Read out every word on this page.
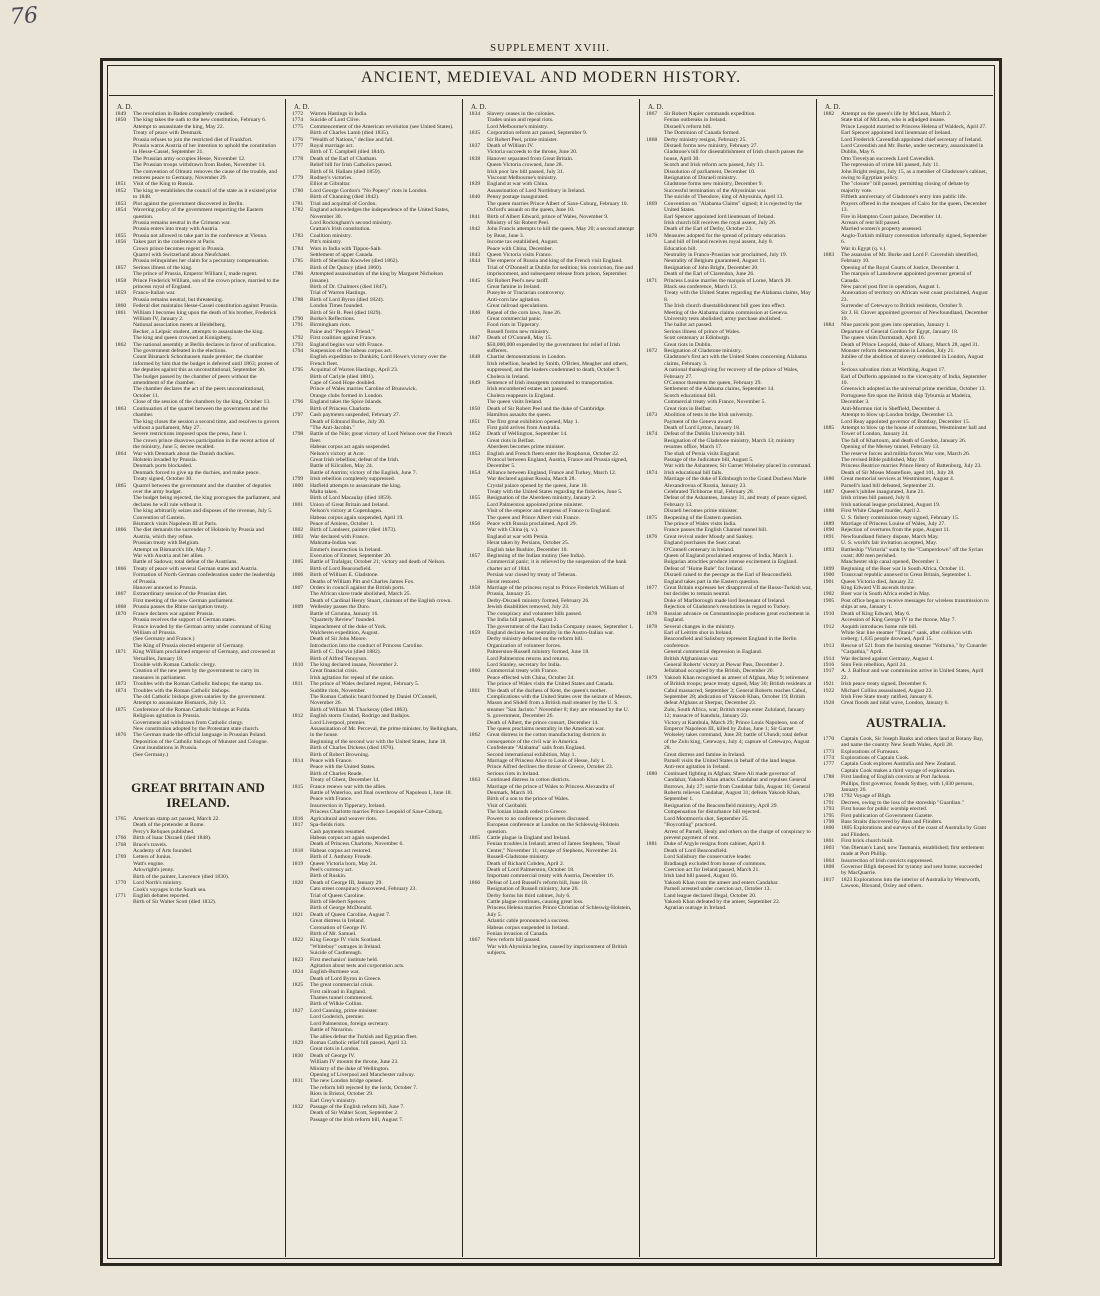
76
SUPPLEMENT XVIII.
ANCIENT, MEDIEVAL AND MODERN HISTORY.
A. D.
1849	The revolution in Baden completely crushed.
1850	The king takes the oath to the new constitution, February 6.
Attempt to assassinate the king, May 22.
Treaty of peace with Denmark.
Prussia refuses to join the restricted diet of Frankfort.
Prussia warns Austria of her intention to uphold the constitution in Hesse-Cassel, September 21.
The Prussian army occupies Hesse, November 12.
The Prussian troops withdrawn from Baden, November 14.
The convention of Olmutz removes the cause of the trouble, and restores peace to Germany, November 29.
1851	Visit of the King to Russia.
1852	The king re-establishes the council of the state as it existed prior to 1848.
1853	Plot against the government discovered in Berlin.
1854	Wavering policy of the government respecting the Eastern question.
Prussia remains neutral in the Crimean war.
Prussia enters into treaty with Austria.
1855	Prussia not allowed to take part in the conference at Vienna.
1856	Takes part in the conference at Paris.
Crown prince becomes regent in Prussia.
Quarrel with Switzerland about Neufchatel.
Prussia relinquishes her claim for a pecuniary compensation.
1857	Serious illness of the king.
The prince of Prussia, Emperor William I, made regent.
1858	Prince Frederick William, son of the crown prince, married to the princess royal of England.
1859	Franco-Italian war.
Prussia remains neutral, but threatening.
1860	Federal diet maintains Hesse-Cassel constitution against Prussia.
1861	William I becomes king upon the death of his brother, Frederick William IV, January 2.
National association meets at Heidelberg.
Becker, a Leipsic student, attempts to assassinate the king.
The king and queen crowned at Konigsberg.
1862	The national assembly at Berlin declares in favor of unification.
The government defeated in the elections.
Count Bismarck Schonhausen made premier; the chamber informed by him that the budget is deferred until 1863; protest of the deputies against this as unconstitutional, September 30.
The budget passed by the chamber of peers without the amendment of the chamber.
The chamber declares the act of the peers unconstitutional, October 11.
Close of the session of the chambers by the king, October 13.
1863	Continuation of the quarrel between the government and the chamber.
The king closes the session a second time, and resolves to govern without a parliament, May 27.
Severe restrictions imposed upon the press, June 1.
The crown prince disavows participation in the recent action of the ministry, June 5; decree recalled.
1864	War with Denmark about the Danish duchies.
Holstein invaded by Prussia.
Denmark ports blockaded.
Denmark forced to give up the duchies, and make peace.
Treaty signed, October 30.
1865	Quarrel between the government and the chamber of deputies over the army budget.
The budget being rejected, the king prorogues the parliament, and declares he will rule without it.
The king arbitrarily seizes and disposes of the revenue, July 5.
Convention of Gastein.
Bismarck visits Napoleon III at Paris.
1866	The diet demands the surrender of Holstein by Prussia and Austria, which they refuse.
Prussian treaty with Belgium.
Attempt on Bismarck's life, May 7.
War with Austria and her allies.
Battle of Sadowa; total defeat of the Austrians.
1866	Treaty of peace with several German states and Austria.
Formation of North German confederation under the leadership of Prussia.
Hanover annexed to Prussia.
1867	Extraordinary session of the Prussian diet.
First meeting of the new German parliament.
1868	Prussia passes the Rhine navigation treaty.
1870	France declares war against Prussia.
Prussia receives the support of German states.
France invaded by the German army under command of King William of Prussia.
(See Germany and France.)
The King of Prussia elected emperor of Germany.
1871	King William proclaimed emperor of Germany, and crowned at Versailles, January 18.
Trouble with Roman Catholic clergy.
Creation of the new peers by the government to carry its measures in parliament.
1873	Troubles with the Roman Catholic bishops; the stamp tax.
1874	Troubles with the Roman Catholic bishops.
The old Catholic bishops given salaries by the government.
Attempt to assassinate Bismarck, July 13.
1875	Conference of the Roman Catholic bishops at Fulda.
Religious agitation in Prussia.
Government aid withdrawn from Catholic clergy.
New constitution adopted by the Protestant state church.
1876	The German made the official language in Prussian Poland.
Deposition of the Catholic bishops of Munster and Cologne.
Great inundations in Prussia.
(See Germany.)
GREAT BRITAIN AND IRELAND.
1765	American stamp act passed, March 22.
Death of the pretender at Rome.
Percy's Reliques published.
1766	Birth of Isaac Disraeli (died 1848).
1768	Bruce's travels.
Academy of Arts founded.
1769	Letters of Junius.
Watt's engine.
Arkwright's jenny.
Birth of the painter, Lawrence (died 1830).
1770	Lord North's ministry.
Cook's voyages in the South sea.
1771	English debates reported.
Birth of Sir Walter Scott (died 1832).
A. D.
1772	Warren Hastings in India.
1774	Suicide of Lord Clive.
1775	Commencement of the American revolution (see United States).
Birth of Charles Lamb (died 1835).
1776	"Wealth of Nations," decline and fall.
1777	Royal marriage act.
Birth of T. Campbell (died 1844).
1778	Death of the Earl of Chatham.
Relief bill for Irish Catholics passed.
Birth of H. Hallam (died 1859).
1779	Rodney's victories.
Elliot at Gibraltar.
1780	Lord George Gordon's "No Popery" riots in London.
Birth of Channing (died 1842).
1781	Trial and acquittal of Gordon.
1782	England acknowledges the independence of the United States, November 30.
Lord Rockingham's second ministry.
Grattan's Irish constitution.
1783	Coalition ministry.
Pitt's ministry.
1784	Wars in India with Tippoo-Saib.
Settlement of upper Canada.
1785	Birth of Sheridan Knowles (died 1862).
Birth of De Quincy (died 1860).
1786	Attempted assassination of the king by Margaret Nicholson (insane).
Birth of Dr. Chalmers (died 1847).
Trial of Warren Hastings.
1788	Birth of Lord Byron (died 1824).
London Times founded.
Birth of Sir R. Peel (died 1829).
1790	Burke's Reflections.
1791	Birmingham riots.
Paine and "People's Friend."
1792	First coalition against France.
1793	England begins war with France.
1794	Suspension of the habeas corpus act.
English expedition to Dunkirk; Lord Howe's victory over the French fleet.
1795	Acquittal of Warren Hastings, April 23.
Birth of Carlyle (died 1881).
Cape of Good Hope doubled.
Prince of Wales marries Caroline of Brunswick.
Orange clubs formed in London.
1796	England takes the Spice Islands.
Birth of Princess Charlotte.
1797	Cash payments suspended, February 27.
Death of Edmund Burke, July 20.
"The Anti-Jacobin."
1798	Battle of the Nile; great victory of Lord Nelson over the French fleet.
Habeas corpus act again suspended.
Nelson's victory at Acre.
Great Irish rebellion; defeat of the Irish.
Battle of Kilcullen, May 24.
Battle of Antrim; victory of the English, June 7.
1799	Irish rebellion completely suppressed.
1800	Hatfield attempts to assassinate the king.
Malta taken.
Birth of Lord Macaulay (died 1859).
1801	Union of Great Britain and Ireland.
Nelson's victory at Copenhagen.
Habeas corpus again suspended, April 19.
Peace of Amiens, October 1.
1802	Birth of Landseer, painter (died 1873).
1803	War declared with France.
Mahratta-Indian war.
Emmet's insurrection in Ireland.
Execution of Emmet, September 20.
1805	Battle of Trafalgar, October 21; victory and death of Nelson.
Birth of Lord Beaconsfield.
1806	Birth of William E. Gladstone.
Deaths of William Pitt and Charles James Fox.
1807	Orders in council against the British ports.
The African slave trade abolished, March 25.
Death of Cardinal Henry Stuart, claimant of the English crown.
1809	Wellesley passes the Duro.
Battle of Corunna, January 16.
"Quarterly Review" founded.
Impeachment of the duke of York.
Walcheren expedition, August.
Death of Sir John Moore.
Introduction into the conduct of Princess Caroline.
Birth of C. Darwin (died 1882).
Birth of Alfred Tennyson.
1810	The king declared insane, November 2.
Great financial crisis.
Irish agitation for repeal of the union.
1811	The prince of Wales declared regent, February 5.
Suddite riots, November.
The Roman Catholic board formed by Daniel O'Connell, November 26.
Birth of William M. Thackeray (died 1863).
1812	English storm Ciudad, Rodrigo and Badajos.
Lord Liverpool, premier.
Assassination of Mr. Perceval, the prime minister, by Bellingham, in the house.
Beginning of the second war with the United States, June 18.
Birth of Charles Dickens (died 1870).
Birth of Robert Browning.
1814	Peace with France.
Peace with the United States.
Birth of Charles Reade.
Treaty of Ghent, December 14.
1815	France renews war with the allies.
Battle of Waterloo, and final overthrow of Napoleon I, June 18.
Peace with France.
Insurrection in Tipperary, Ireland.
Princess Charlotte marries Prince Leopold of Saxe-Coburg.
1816	Agricultural and weaver riots.
1817	Spa-fields riots.
Cash payments resumed.
Habeas corpus act again suspended.
Death of Princess Charlotte, November 6.
1818	Habeas corpus act restored.
Birth of J. Anthony Froude.
1819	Queen Victoria born, May 24.
Peel's currency act.
Birth of Ruskin.
1820	Death of George III, January 29.
Cato street conspiracy discovered, February 23.
Trial of Queen Caroline.
Birth of Herbert Spencer.
Birth of George McDonald.
1821	Death of Queen Caroline, August 7.
Great distress in Ireland.
Coronation of George IV.
Birth of Mr. Samuel.
1822	King George IV visits Scotland.
"Whiteboy" outrages in Ireland.
Suicide of Castlereagh.
1823	First mechanics' institute held.
Agitation about tests and corporation acts.
1824	English-Burmese war.
Death of Lord Byron in Greece.
1825	The great commercial crisis.
First railroad in England.
Thames tunnel commenced.
Birth of Wilkie Collins.
1827	Lord Canning, prime minister.
Lord Goderich, premier.
Lord Palmerston, foreign secretary.
Battle of Navarino.
The allies defeat the Turkish and Egyptian fleet.
1829	Roman Catholic relief bill passed, April 13.
Great riots in London.
1830	Death of George IV.
William IV mounts the throne, June 23.
Ministry of the duke of Wellington.
Opening of Liverpool and Manchester railway.
1831	The new London bridge opened.
The reform bill rejected by the lords, October 7.
Riots in Bristol, October 29.
Earl Grey's ministry.
1832	Passage of the English reform bill, June 7.
Death of Sir Walter Scott, September 2.
Passage of the Irish reform bill, August 7.
A. D.
1834	Slavery ceases in the colonies.
Trades union and repeal riots.
Lord Melbourne's ministry.
1835	Corporation reform act passed, September 9.
Sir Robert Peel, prime minister.
1837	Death of William IV.
Victoria succeeds to the throne, June 20.
1838	Hanover separated from Great Britain.
Queen Victoria crowned, June 28.
Irish poor law bill passed, July 31.
Viscount Melbourne's ministry.
1839	England at war with China.
Assassination of Lord Northbury in Ireland.
1840	Penny postage inaugurated.
The queen marries Prince Albert of Saxe-Coburg, February 10.
Oxford's assault on the queen, June 10.
1841	Birth of Albert Edward, prince of Wales, November 9.
Ministry of Sir Robert Peel.
1842	John Francis attempts to kill the queen, May 20; a second attempt by Bean, June 3.
Income tax established, August.
Peace with China, December.
1843	Queen Victoria visits France.
1844	The emperor of Russia and king of the French visit England.
Trial of O'Donnell at Dublin for sedition; his conviction, fine and imprisonment, and subsequent release from prison, September.
1845	Sir Robert Peel's new tariff.
Great famine in Ireland.
Puseyite or Tractarian controversy.
Anti-corn law agitation.
Great railroad speculations.
1846	Repeal of the corn laws, June 26.
Great commercial panic.
Food riots in Tipperary.
Russell forms new ministry.
1847	Death of O'Connell, May 15.
$50,000,000 expended by the government for relief of Irish sufferers.
1848	Chartist demonstrations in London.
Irish rebellion, headed by Smith, O'Brien, Meagher and others, suppressed, and the leaders condemned to death, October 9.
Cholera in Ireland.
1849	Sentence of Irish insurgents commuted to transportation.
Irish encumbered estates act passed.
Cholera reappears in England.
The queen visits Ireland.
1850	Death of Sir Robert Peel and the duke of Cambridge.
Hamilton assaults the queen.
1851	The first great exhibition opened, May 1.
First gold arrives from Australia.
1852	Death of Wellington, September 14.
Great riots in Belfast.
Aberdeen becomes prime minister.
1853	English and French fleets enter the Bosphorus, October 22.
Protocol between England, Austria, France and Prussia signed, December 5.
1854	Alliance between England, France and Turkey, March 12.
War declared against Russia, March 28.
Crystal palace opened by the queen, June 10.
Treaty with the United States regarding the fisheries, June 5.
1855	Resignation of the Aberdeen ministry, January 2.
Lord Palmerston appointed prime minister.
Visit of the emperor and empress of France to England.
The queen and Prince Albert visit France.
1856	Peace with Russia proclaimed, April 29.
War with China (q. v.).
England at war with Persia.
Herat taken by Persians, October 25.
English take Bushire, December 10.
1857	Beginning of the Indian mutiny (See India).
Commercial panic; it is relieved by the suspension of the bank charter act of 1844.
Persian war closed by treaty of Teheran.
Herat restored.
1858	Marriage of the princess royal to Prince Frederick William of Prussia, January 25.
Derby-Disraeli ministry formed, February 26.
Jewish disabilities removed, July 23.
The conspiracy and volunteer bills passed.
The India bill passed, August 2.
The government of the East India Company ceases, September 1.
1859	England declares her neutrality in the Austro-Italian war.
Derby ministry defeated on the reform bill.
Organization of volunteer forces.
Palmerston-Russell ministry formed, June 18.
Lord Palmerston returns and returns.
Lord Stanley, secretary for India.
1860	Commercial treaty with France.
Peace effected with China, October 24.
The prince of Wales visits the United States and Canada.
1861	The death of the duchess of Kent, the queen's mother.
Complications with the United States over the seizure of Messrs. Mason and Slidell from a British mail steamer by the U. S. steamer "San Jacinto." November 8; they are released by the U. S. government, December 26.
Death of Albert, the prince consort, December 14.
The queen proclaims neutrality in the American war.
1862	Great distress in the cotton manufacturing districts in consequence of the civil war in America.
Confederate "Alabama" sails from England.
Second international exhibition, May 1.
Marriage of Princess Alice to Louis of Hesse, July 1.
Prince Alfred declines the throne of Greece, October 23.
Serious riots in Ireland.
1863	Continued distress in cotton districts.
Marriage of the prince of Wales to Princess Alexandra of Denmark, March 10.
Birth of a son to the prince of Wales.
Visit of Garibaldi.
The Ionian islands ceded to Greece.
Powers to no conference; prisoners discussed.
European conference at London on the Schleswig-Holstein question.
1865	Cattle plague in England and Ireland.
Fenian troubles in Ireland; arrest of James Stephens, "Head Center," November 11; escape of Stephens, November 24.
Russell-Gladstone ministry.
Death of Richard Cobden, April 2.
Death of Lord Palmerston, October 18.
Important commercial treaty with Austria, December 16.
1866	Defeat of Lord Russell's reform bill, June 18.
Resignation of Russell ministry, June 26.
Derby forms his third cabinet, July 6.
Cattle plague continues, causing great loss.
Princess Helena marries Prince Christian of Schleswig-Holstein, July 5.
Atlantic cable pronounced a success.
Habeas corpus suspended in Ireland.
Fenian invasion of Canada.
1867	New reform bill passed.
War with Abyssinia begins, caused by imprisonment of British subjects.
A. D.
1867	Sir Robert Napier commands expedition.
Fenian outbreaks in Ireland.
Disraeli's reform bill.
The Dominion of Canada formed.
1868	Derby ministry resigns, February 25.
Disraeli forms new ministry, February 27.
Gladstone's bill for disestablishment of Irish church passes the house, April 30.
Scotch and Irish reform acts passed, July 13.
Dissolution of parliament, December 10.
Resignation of Disraeli ministry.
Gladstone forms new ministry, December 9.
Successful termination of the Abyssinian war.
The suicide of Theodore, king of Abyssinia, April 13.
1869	Convention on "Alabama Claims" signed; it is rejected by the United States.
Earl Spencer appointed lord lieutenant of Ireland.
Irish church bill receives the royal assent, July 26.
Death of the Earl of Derby, October 23.
1870	Measures adopted for the spread of primary education.
Land bill of Ireland receives royal assent, July 8.
Education bill.
Neutrality in Franco-Prussian war proclaimed, July 19.
Neutrality of Belgium guaranteed, August 11.
Resignation of John Bright, December 20.
Death of the Earl of Clarendon, June 26.
1871	Princess Louise marries the marquis of Lorne, March 20.
Black sea conference, March 13.
Treaty with the United States regarding the Alabama claims, May 8.
The Irish church disestablishment bill goes into effect.
Meeting of the Alabama claims commission at Geneva.
University tests abolished; army purchase abolished.
The ballot act passed.
Serious illness of prince of Wales.
Scott centenary at Edinburgh.
Great riots in Dublin.
1872	Resignation of Gladstone ministry.
Gladstone's first act with the United States concerning Alabama claims, February 3.
A national thanksgiving for recovery of the prince of Wales, February 27.
O'Connor threatens the queen, February 29.
Settlement of the Alabama claims, September 14.
Scotch educational bill.
Commercial treaty with France, November 5.
Great riots in Belfast.
1873	Abolition of tests in the Irish university.
Payment of the Geneva award.
Death of Lord Lytton, January 18.
1874	Defeat of the Dublin University bill.
Resignation of the Gladstone ministry, March 13; ministry resumes office, March 17.
The shah of Persia visits England.
Passage of the Judicature bill, August 5.
War with the Ashantees; Sir Garnet Wolseley placed in command.
1874	Irish educational bill fails.
Marriage of the duke of Edinburgh to the Grand Duchess Marie Alexandrovna of Russia, January 23.
Celebrated Tichborne trial, February 28.
Defeat of the Ashantees, January 31, and treaty of peace signed, February 13.
Disraeli becomes prime minister.
1875	Reopening of the Eastern question.
The prince of Wales visits India.
France passes the English Channel tunnel bill.
1876	Great revival under Moody and Sankey.
England purchases the Suez canal.
O'Connell centenary in Ireland.
Queen of England proclaimed empress of India, March 1.
Bulgarian atrocities produce intense excitement in England.
Defeat of "Home Rule" for Ireland.
Disraeli raised to the peerage as the Earl of Beaconsfield.
England takes part in the Eastern question.
1877	Great Britain expresses her disapproval of the Russo-Turkish war, but decides to remain neutral.
Duke of Marlborough made lord lieutenant of Ireland.
Rejection of Gladstone's resolutions in regard to Turkey.
1878	Russian advance on Constantinople produces great excitement in England.
1878	Several changes in the ministry.
Earl of Leitrim shot in Ireland.
Beaconsfield and Salisbury represent England in the Berlin conference.
General commercial depression in England.
British Afghanistan war.
General Roberts' victory at Piewar Pass, December 2.
Jellalabad occupied by the British, December 20.
1879	Yakoob Khan recognised as ameer of Afghan, May 9; retirement of British troops; peace treaty signed, May 30; British residents at Cabul massacred, September 3; General Roberts reaches Cabul, September 28; abdication of Yakoob Khan, October 19; British defeat Afghans at Sherpur, December 23.
Zulu, South Africa, war; British troops enter Zululand, January 12; massacre of Isandula, January 22.
Victory at Kambula, March 29; Prince Louis Napoleon, son of Emperor Napoleon III, killed by Zulus, June 1; Sir Garnet Wolseley takes command, June 28; battle of Ulundi; total defeat of the Zulu king, Cetewayo, July 4; capture of Cetewayo, August 28.
Great distress and famine in Ireland.
Parnell visits the United States in behalf of the land league.
Anti-rent agitation in Ireland.
1880	Continued fighting in Afghan; Shere Ali made governor of Candahar, Yakoob Khan attacks Candahar and repulses General Burrows, July 27; sortie from Candahar fails, August 16; General Roberts relieves Candahar, August 31; defeats Yakoob Khan, September 1.
Resignation of the Beaconsfield ministry, April 29.
Compensation for disturbance bill rejected.
Lord Montmorris shot, September 25.
"Boycotting" practiced.
Arrest of Parnell, Healy and others on the charge of conspiracy to prevent payment of rent.
1881	Duke of Argyle resigns from cabinet, April 8.
Death of Lord Beaconsfield.
Lord Salisbury the conservative leader.
Bradlaugh excluded from house of commons.
Coercion act for Ireland passed, March 21.
Irish land bill passed, August 16.
Yakoob Khan routs the ameer and enters Candahar.
Parnell arrested under coercion act, October 13.
Land league declared illegal, October 20.
Yakoob Khan defeated by the ameer, September 22.
Agrarian outrage in Ireland.
A. D.
1882	Attempt on the queen's life by McLean, March 2.
State trial of McLean, who is adjudged insane.
Prince Leopold married to Princess Helena of Waldeck, April 27.
Earl Spencer appointed lord lieutenant of Ireland.
Lord Frederick Cavendish appointed chief secretary of Ireland.
Lord Cavendish and Mr. Burke, under secretary, assassinated in Dublin, May 6.
Otto Trevelyan succeeds Lord Cavendish.
The repression of crime bill passed, July 11.
John Bright resigns, July 15, as a member of Gladstone's cabinet, owing to Egyptian policy.
The "closure" bill passed, permitting closing of debate by majority vote.
Fiftieth anniversary of Gladstone's entry into public life.
Prayers offered in the mosques of Cairo for the queen, December 13.
Fire in Hampton Court palace, December 14.
Arrears of rent bill passed.
Married women's property assessed.
Anglo-Turkish military convention informally signed, September 6.
War in Egypt (q. v.).
1883	The assassins of Mr. Burke and Lord F. Cavendish identified, February 10.
Opening of the Royal Courts of Justice, December 4.
The marquis of Lansdowne appointed governor general of Canada.
New parcel post first in operation, August 1.
Annexation of territory on African west coast proclaimed, August 23.
Surrender of Cetewayo to British residents, October 9.
Sir J. H. Glover appointed governor of Newfoundland, December 19.
1884	Nine parcels post goes into operation, January 1.
Departure of General Gordon for Egypt, January 18.
The queen visits Darmstadt, April 16.
Death of Prince Leopold, duke of Albany, March 28, aged 31.
Monster reform demonstration in London, July 21.
Jubilee of the abolition of slavery celebrated in London, August 1.
Serious salvation riots at Worthing, August 17.
Earl of Dufferin appointed to the viceroyalty of India, September 10.
Greenwich adopted as the universal prime meridian, October 13.
Portuguese fire upon the British ship Tyburnia at Madeira, December 3.
Anti-Mormon riot in Sheffield, December 4.
Attempt to blow up London bridge, December 13.
Lord Reay appointed governor of Bombay, December 15.
1885	Attempt to blow up the house of commons, Westminster hall and Tower of London, January 24.
The fall of Khartoum, and death of Gordon, January 26.
Opening of the Mersey tunnel, February 13.
The reserve forces and militia forces War vote, March 26.
The revised Bible published, May 18.
Princess Beatrice marries Prince Henry of Battenburg, July 23.
Death of Sir Moses Montefiore, aged 101, July 28.
1886	Great memorial services at Westminster, August 4.
Parnell's land bill defeated, September 21.
1887	Queen's jubilee inaugurated, June 21.
Irish crimes bill passed, July 8.
Irish national league proclaimed, August 19.
1888	First White Chapel murder, April 2.
U. S. fishery commission treaty signed, February 15.
1889	Marriage of Princess Louise of Wales, July 27.
1890	Rejection of overtures from the pope, August 11.
1891	Newfoundland fishery dispute, March May.
U. S. world's fair invitation accepted, May.
1893	Battleship "Victoria" sunk by the "Camperdown" off the Syrian coast; 400 men perished.
Manchester ship canal opened, December 1.
1899	Beginning of the Boer war in South Africa, October 11.
1900	Transvaal republic annexed to Great Britain, September 1.
1901	Queen Victoria died, January 22.
King Edward VII ascends throne.
1902	Boer war in South Africa ended in May.
1905	Post office began to receive messages for wireless transmission to ships at sea, January 1.
1910	Death of King Edward, May 6.
Accession of King George IV to the throne, May 7.
1912	Asquith introduces home rule bill.
White Star line steamer "Titanic" sank, after collision with iceberg; 1,635 people drowned, April 15.
1913	Rescue of 521 from the burning steamer "Volturno," by Cunarder "Carpathia," April.
1914	War declared against Germany, August 4.
1916	Sinn Fein rebellion, April 24.
1917	A. J. Balfour and war commission arrive in United States, April 22.
1921	Irish peace treaty signed, December 6.
1922	Michael Collins assassinated, August 22.
Irish Free State treaty ratified, January 6.
1928	Great floods and tidal wave, London, January 6.
AUSTRALIA.
1770	Captain Cook, Sir Joseph Banks and others land at Botany Bay, and name the country New South Wales, April 28.
1773	Explorations of Furneaux.
1774	Explorations of Captain Cook.
1777	Captain Cook explores Australia and New Zealand.
Captain Cook makes a third voyage of exploration.
1788	First landing of English convicts at Port Jackson.
Phillips, first governor, founds Sydney, with 1,030 persons, January 26.
1789	1792 Voyage of Bligh.
1791	Decrees, owing to the loss of the storeship "Guardian."
1793	First house for public worship erected.
1795	First publication of Government Gazette.
1798	Bass Straits discovered by Bass and Flinders.
1800	1805 Explorations and surveys of the coast of Australia by Grant and Flinders.
1801	First brick church built.
1803	Van Dieman's Land, now Tasmania, established; first settlement made at Port Phillip.
1804	Insurrection of Irish convicts suppressed.
1808	Governor Bligh deposed for tyranny and sent home; succeeded by MacQuarrie.
1817	1823 Explorations into the interior of Australia by Wentworth, Lawson, Bloxand, Oxley and others.
